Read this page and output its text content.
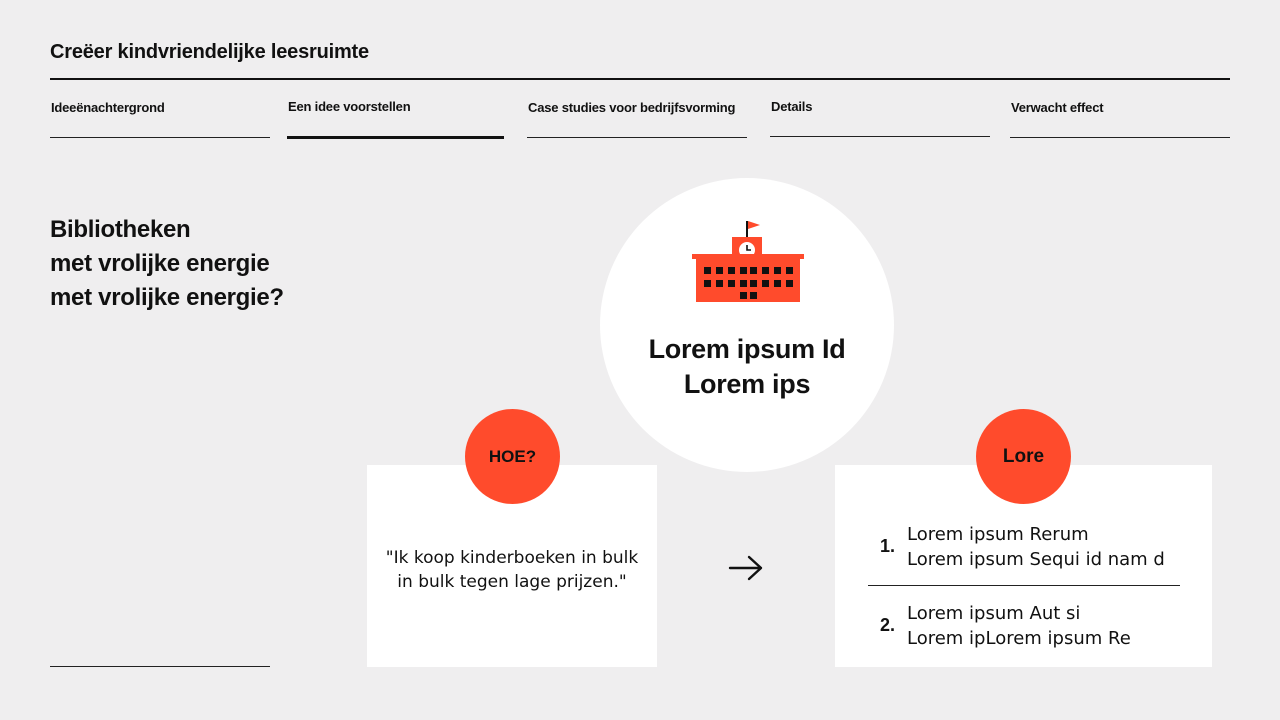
Creëer kindvriendelijke leesruimte
Ideeënachtergrond	Een idee voorstellen	Case studies voor bedrijfsvorming	Details	Verwacht effect
Bibliotheken
met vrolijke energie
met vrolijke energie?
Lorem ipsum Id
Lorem ips
"Ik koop kinderboeken in bulk
in bulk tegen lage prijzen."
HOE?
1.
Lorem ipsum Rerum
Lorem ipsum Sequi id nam d
2.
Lorem ipsum Aut si
Lorem ipLorem ipsum Re
Lore
